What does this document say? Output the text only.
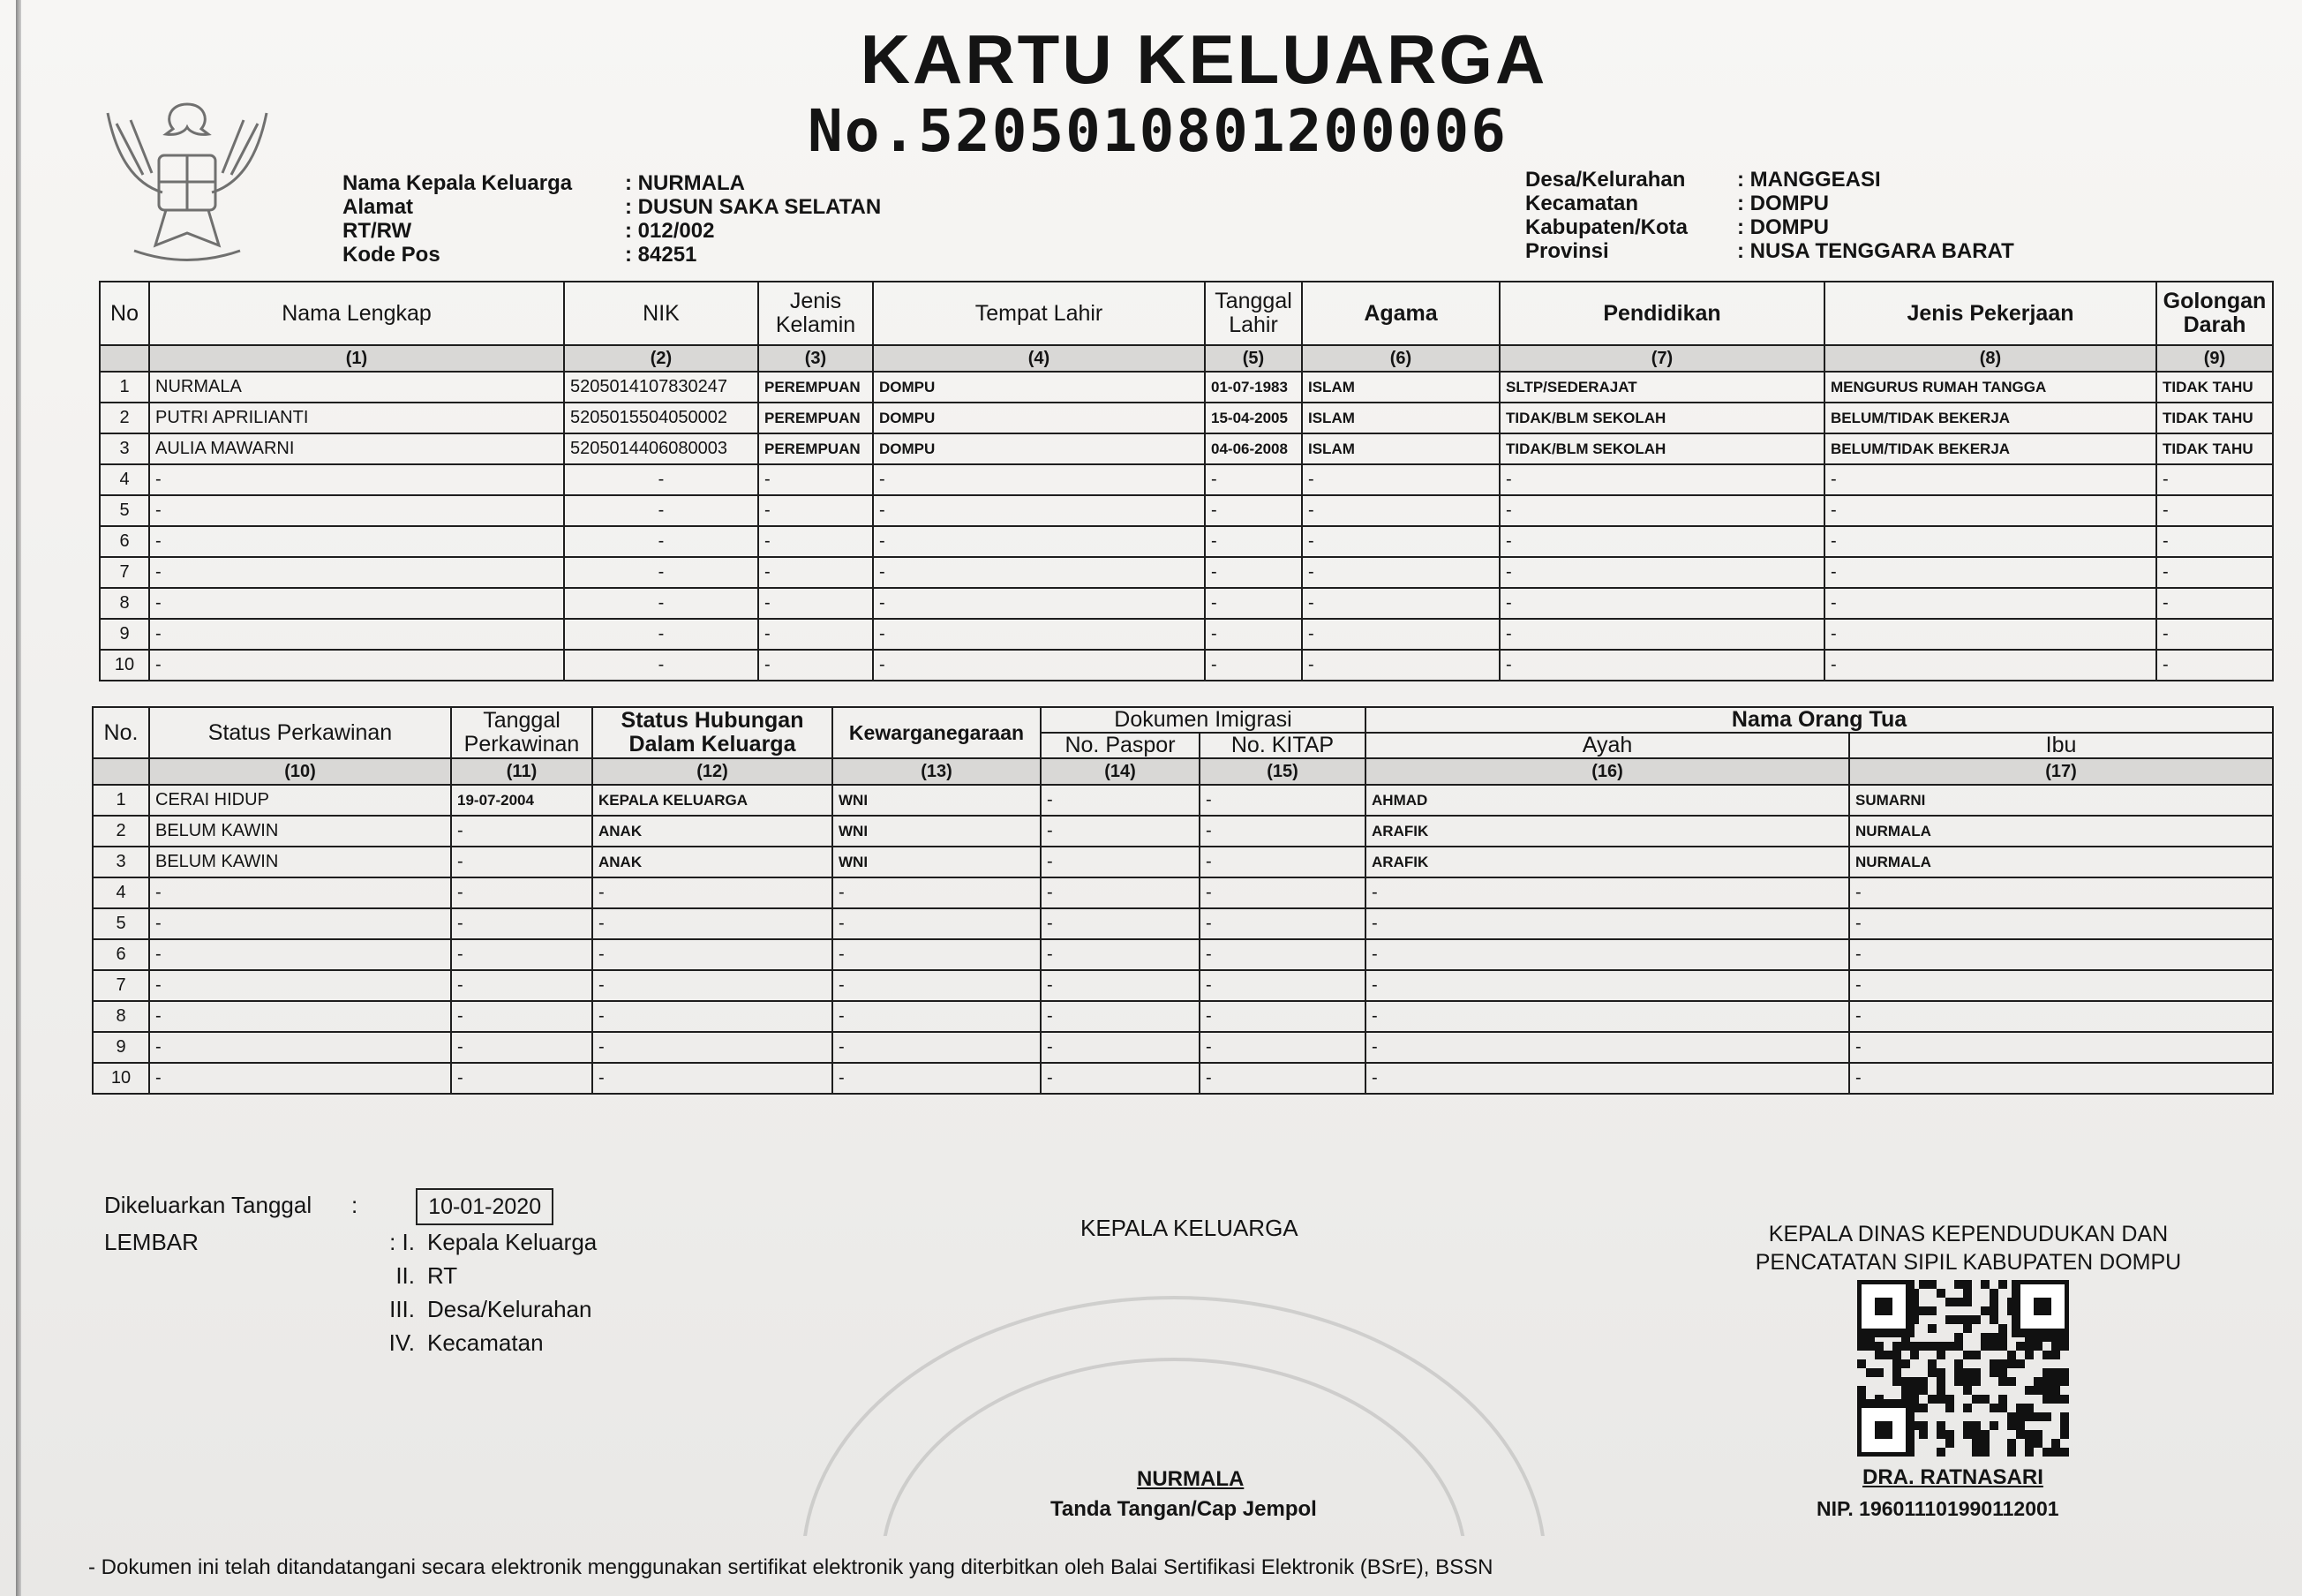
KARTU KELUARGA
No.5205010801200006
Nama Kepala Keluarga	: NURMALA
Alamat	: DUSUN SAKA SELATAN
RT/RW	: 012/002
Kode Pos	: 84251
Desa/Kelurahan	: MANGGEASI
Kecamatan	: DOMPU
Kabupaten/Kota	: DOMPU
Provinsi	: NUSA TENGGARA BARAT
No	Nama Lengkap	NIK	Jenis Kelamin	Tempat Lahir	Tanggal Lahir	Agama	Pendidikan	Jenis Pekerjaan	Golongan Darah
	(1)	(2)	(3)	(4)	(5)	(6)	(7)	(8)	(9)
1	NURMALA	5205014107830247	PEREMPUAN	DOMPU	01-07-1983	ISLAM	SLTP/SEDERAJAT	MENGURUS RUMAH TANGGA	TIDAK TAHU
2	PUTRI APRILIANTI	5205015504050002	PEREMPUAN	DOMPU	15-04-2005	ISLAM	TIDAK/BLM SEKOLAH	BELUM/TIDAK BEKERJA	TIDAK TAHU
3	AULIA MAWARNI	5205014406080003	PEREMPUAN	DOMPU	04-06-2008	ISLAM	TIDAK/BLM SEKOLAH	BELUM/TIDAK BEKERJA	TIDAK TAHU
4	-	-	-	-	-	-	-	-	-
5	-	-	-	-	-	-	-	-	-
6	-	-	-	-	-	-	-	-	-
7	-	-	-	-	-	-	-	-	-
8	-	-	-	-	-	-	-	-	-
9	-	-	-	-	-	-	-	-	-
10	-	-	-	-	-	-	-	-	-
No.	Status Perkawinan	Tanggal Perkawinan	Status Hubungan Dalam Keluarga	Kewarganegaraan	Dokumen Imigrasi		Nama Orang Tua	
					No. Paspor	No. KITAP	Ayah	Ibu
	(10)	(11)	(12)	(13)	(14)	(15)	(16)	(17)
1	CERAI HIDUP	19-07-2004	KEPALA KELUARGA	WNI	-	-	AHMAD	SUMARNI
2	BELUM KAWIN	-	ANAK	WNI	-	-	ARAFIK	NURMALA
3	BELUM KAWIN	-	ANAK	WNI	-	-	ARAFIK	NURMALA
4	-	-	-	-	-	-	-	-
5	-	-	-	-	-	-	-	-
6	-	-	-	-	-	-	-	-
7	-	-	-	-	-	-	-	-
8	-	-	-	-	-	-	-	-
9	-	-	-	-	-	-	-	-
10	-	-	-	-	-	-	-	-
Dikeluarkan Tanggal	:	10-01-2020
LEMBAR	: I. Kepala Keluarga
II. RT
III. Desa/Kelurahan
IV. Kecamatan
KEPALA KELUARGA
NURMALA
Tanda Tangan/Cap Jempol
KEPALA DINAS KEPENDUDUKAN DAN
PENCATATAN SIPIL KABUPATEN DOMPU
DRA. RATNASARI
NIP. 196011101990112001
- Dokumen ini telah ditandatangani secara elektronik menggunakan sertifikat elektronik yang diterbitkan oleh Balai Sertifikasi Elektronik (BSrE), BSSN
